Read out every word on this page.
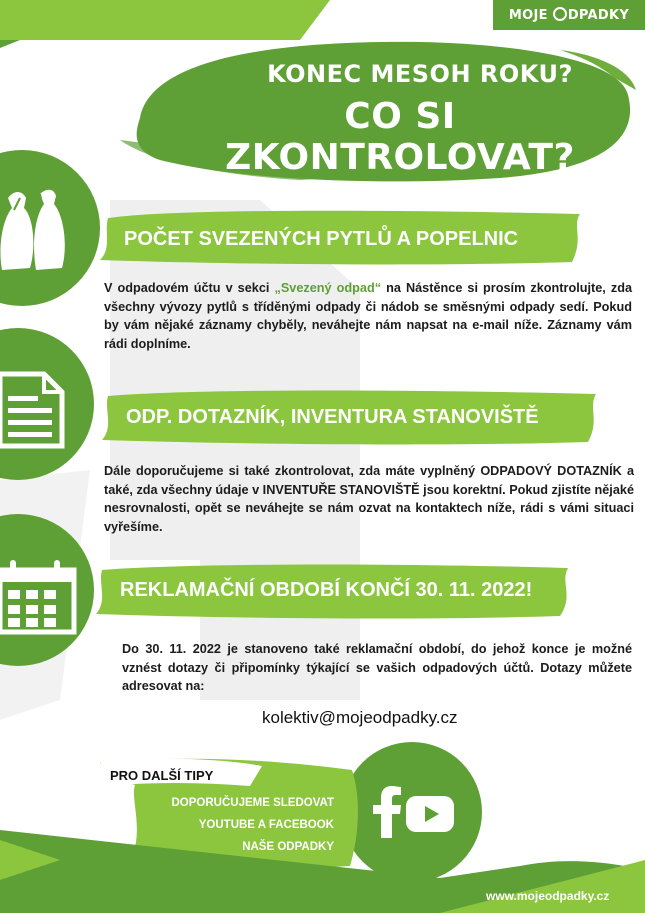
MOJE DPADKY
KONEC MESOH ROKU?
CO SI ZKONTROLOVAT?
POČET SVEZENÝCH PYTLŮ A POPELNIC
V odpadovém účtu v sekci „Svezený odpad“ na Nástěnce si prosím zkontrolujte, zda všechny vývozy pytlů s tříděnými odpady či nádob se směsnými odpady sedí. Pokud by vám nějaké záznamy chyběly, neváhejte nám napsat na e-mail níže. Záznamy vám rádi doplníme.
ODP. DOTAZNÍK, INVENTURA STANOVIŠTĚ
Dále doporučujeme si také zkontrolovat, zda máte vyplněný ODPADOVÝ DOTAZNÍK a také, zda všechny údaje v INVENTUŘE STANOVIŠTĚ jsou korektní. Pokud zjistíte nějaké nesrovnalosti, opět se neváhejte se nám ozvat na kontaktech níže, rádi s vámi situaci vyřešíme.
REKLAMAČNÍ OBDOBÍ KONČÍ 30. 11. 2022!
Do 30. 11. 2022 je stanoveno také reklamační období, do jehož konce je možné vznést dotazy či připomínky týkající se vašich odpadových účtů. Dotazy můžete adresovat na:
kolektiv@mojeodpadky.cz
PRO DALŠÍ TIPY
DOPORUČUJEME SLEDOVAT
YOUTUBE A FACEBOOK
NAŠE ODPADKY
www.mojeodpadky.cz
